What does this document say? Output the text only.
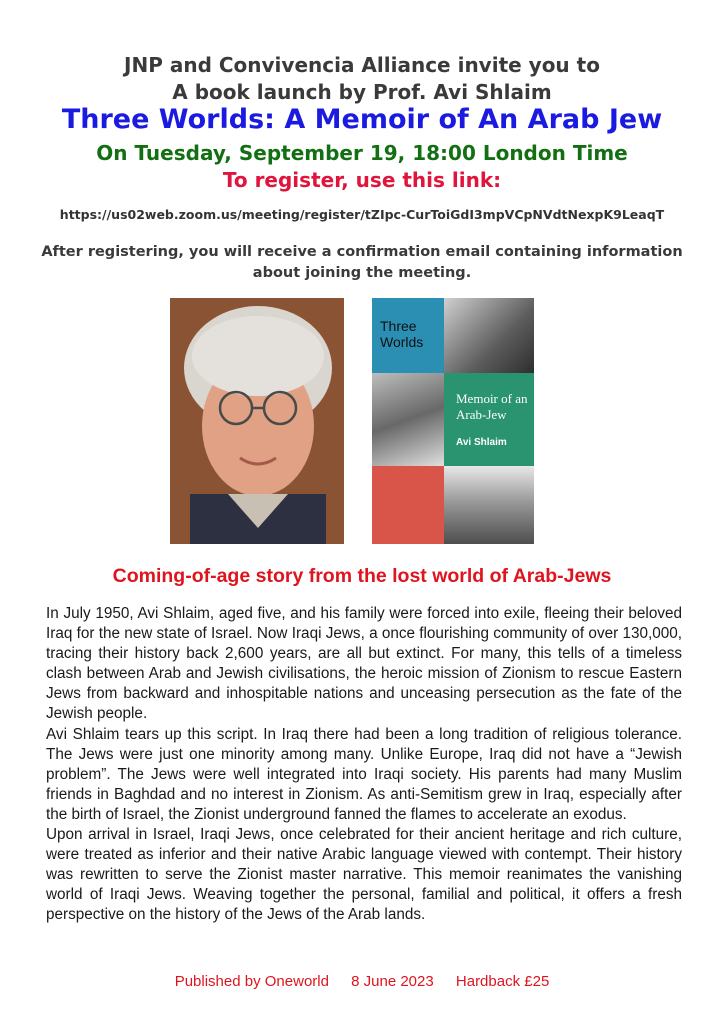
JNP and Convivencia Alliance invite you to
A book launch by Prof. Avi Shlaim
Three Worlds: A Memoir of An Arab Jew
On Tuesday, September 19, 18:00 London Time
To register, use this link:
https://us02web.zoom.us/meeting/register/tZIpc-CurToiGdI3mpVCpNVdtNexpK9LeaqT
After registering, you will receive a confirmation email containing information about joining the meeting.
Three Worlds
Memoir of an Arab-Jew
Avi Shlaim
Coming-of-age story from the lost world of Arab-Jews

In July 1950, Avi Shlaim, aged five, and his family were forced into exile, fleeing their beloved Iraq for the new state of Israel. Now Iraqi Jews, a once flourishing community of over 130,000, tracing their history back 2,600 years, are all but extinct. For many, this tells of a timeless clash between Arab and Jewish civilisations, the heroic mission of Zionism to rescue Eastern Jews from backward and inhospitable nations and unceasing persecution as the fate of the Jewish people.

Avi Shlaim tears up this script. In Iraq there had been a long tradition of religious tolerance. The Jews were just one minority among many. Unlike Europe, Iraq did not have a “Jewish problem”. The Jews were well integrated into Iraqi society. His parents had many Muslim friends in Baghdad and no interest in Zionism. As anti-Semitism grew in Iraq, especially after the birth of Israel, the Zionist underground fanned the flames to accelerate an exodus.

Upon arrival in Israel, Iraqi Jews, once celebrated for their ancient heritage and rich culture, were treated as inferior and their native Arabic language viewed with contempt. Their history was rewritten to serve the Zionist master narrative. This memoir reanimates the vanishing world of Iraqi Jews. Weaving together the personal, familial and political, it offers a fresh perspective on the history of the Jews of the Arab lands.

Published by Oneworld 8 June 2023 Hardback £25
